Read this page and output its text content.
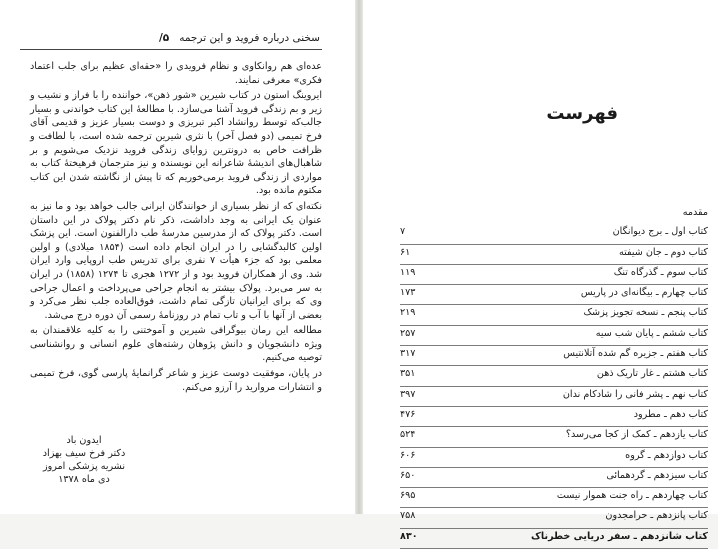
سخنی درباره فروید و این ترجمه   ۵/

عده‌ای هم روانکاوی و نظام فرویدی را «حقه‌ای عظیم برای جلب اعتماد فکری» معرفی نمایند.

ایروینگ استون در کتاب شیرین «شور ذهن»، خواننده را با فراز و نشیب و زیر و بم زندگی فروید آشنا می‌سازد. با مطالعهٔ این کتاب خواندنی و بسیار جالب‌که توسط روانشاد اکبر تبریزی و دوست بسیار عزیز و قدیمی آقای فرخ تمیمی (دو فصل آخر) با نثری شیرین ترجمه شده است، با لطافت و ظرافت خاص به درونترین زوایای زندگی فروید نزدیک می‌شویم و بر شاهبال‌های اندیشهٔ شاعرانه این نویسنده و نیز مترجمان فرهیختهٔ کتاب به مواردی از زندگی فروید برمی‌خوریم که تا پیش از نگاشته شدن این کتاب مکتوم مانده بود.

نکته‌ای که از نظر بسیاری از خوانندگان ایرانی جالب خواهد بود و ما نیز به عنوان یک ایرانی به وجد داداشت، ذکر نام دکتر پولاک در این داستان است. دکتر پولاک که از مدرسین مدرسهٔ طب دارالفنون است. این پزشک اولین کالبدگشایی را در ایران انجام داده است (۱۸۵۴ میلادی) و اولین معلمی بود که جزء هیأت ۷ نفری برای تدریس طب اروپایی وارد ایران شد. وی از همکاران فروید بود و از ۱۲۷۲ هجری تا ۱۲۷۴ (۱۸۵۸) در ایران به سر می‌برد. پولاک بیشتر به انجام جراحی می‌پرداخت و اعمال جراحی وی که برای ایرانیان تازگی تمام داشت، فوق‌العاده جلب نظر می‌کرد و بعضی از آنها با آب و تاب تمام در روزنامهٔ رسمی آن دوره درج می‌شد.

مطالعه این رمان بیوگرافی شیرین و آموختنی را به کلیه علاقمندان به ویژه دانشجویان و دانش پژوهان رشته‌های علوم انسانی و روانشناسی توصیه می‌کنیم.

در پایان، موفقیت دوست عزیز و شاعر گرانمایهٔ پارسی گوی، فرخ تمیمی و انتشارات مروارید را آرزو می‌کنم.

ایدون باد
دکتر فرخ سیف بهزاد
نشریه پزشکی امروز
دی ماه ۱۳۷۸
فهرست
مقدمه
کتاب اول ـ برج دیوانگان
۷
کتاب دوم ـ جان شیفته
۶۱
کتاب سوم ـ گذرگاه تنگ
۱۱۹
کتاب چهارم ـ بیگانه‌ای در پاریس
۱۷۳
کتاب پنجم ـ نسخه تجویز پزشک
۲۱۹
کتاب ششم ـ پایان شب سیه
۲۵۷
کتاب هفتم ـ جزیره گم شده آتلانتیس
۳۱۷
کتاب هشتم ـ غار تاریک ذهن
۳۵۱
کتاب نهم ـ پشر فانی را شادکام ندان
۳۹۷
کتاب دهم ـ مطرود
۴۷۶
کتاب یازدهم ـ کمک از کجا می‌رسد؟
۵۲۴
کتاب دوازدهم ـ گروه
۶۰۶
کتاب سیزدهم ـ گردهمائی
۶۵۰
کتاب چهاردهم ـ راه جنت هموار نیست
۶۹۵
کتاب پانزدهم ـ حرامجدون
۷۵۸
کتاب شانزدهم ـ سفر دریایی خطرناک
۸۳۰
